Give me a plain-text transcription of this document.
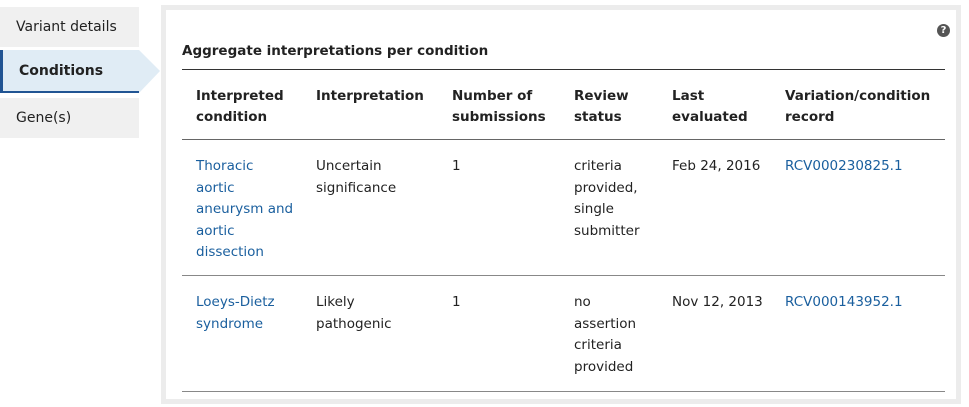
Variant details
Conditions
Gene(s)
?
Aggregate interpretations per condition
Interpreted condition	Interpretation	Number of submissions	Review status	Last evaluated	Variation/condition record
Thoracic aortic aneurysm and aortic dissection	Uncertain significance	1	criteria provided, single submitter	Feb 24, 2016	RCV000230825.1
Loeys-Dietz syndrome	Likely pathogenic	1	no assertion criteria provided	Nov 12, 2013	RCV000143952.1
